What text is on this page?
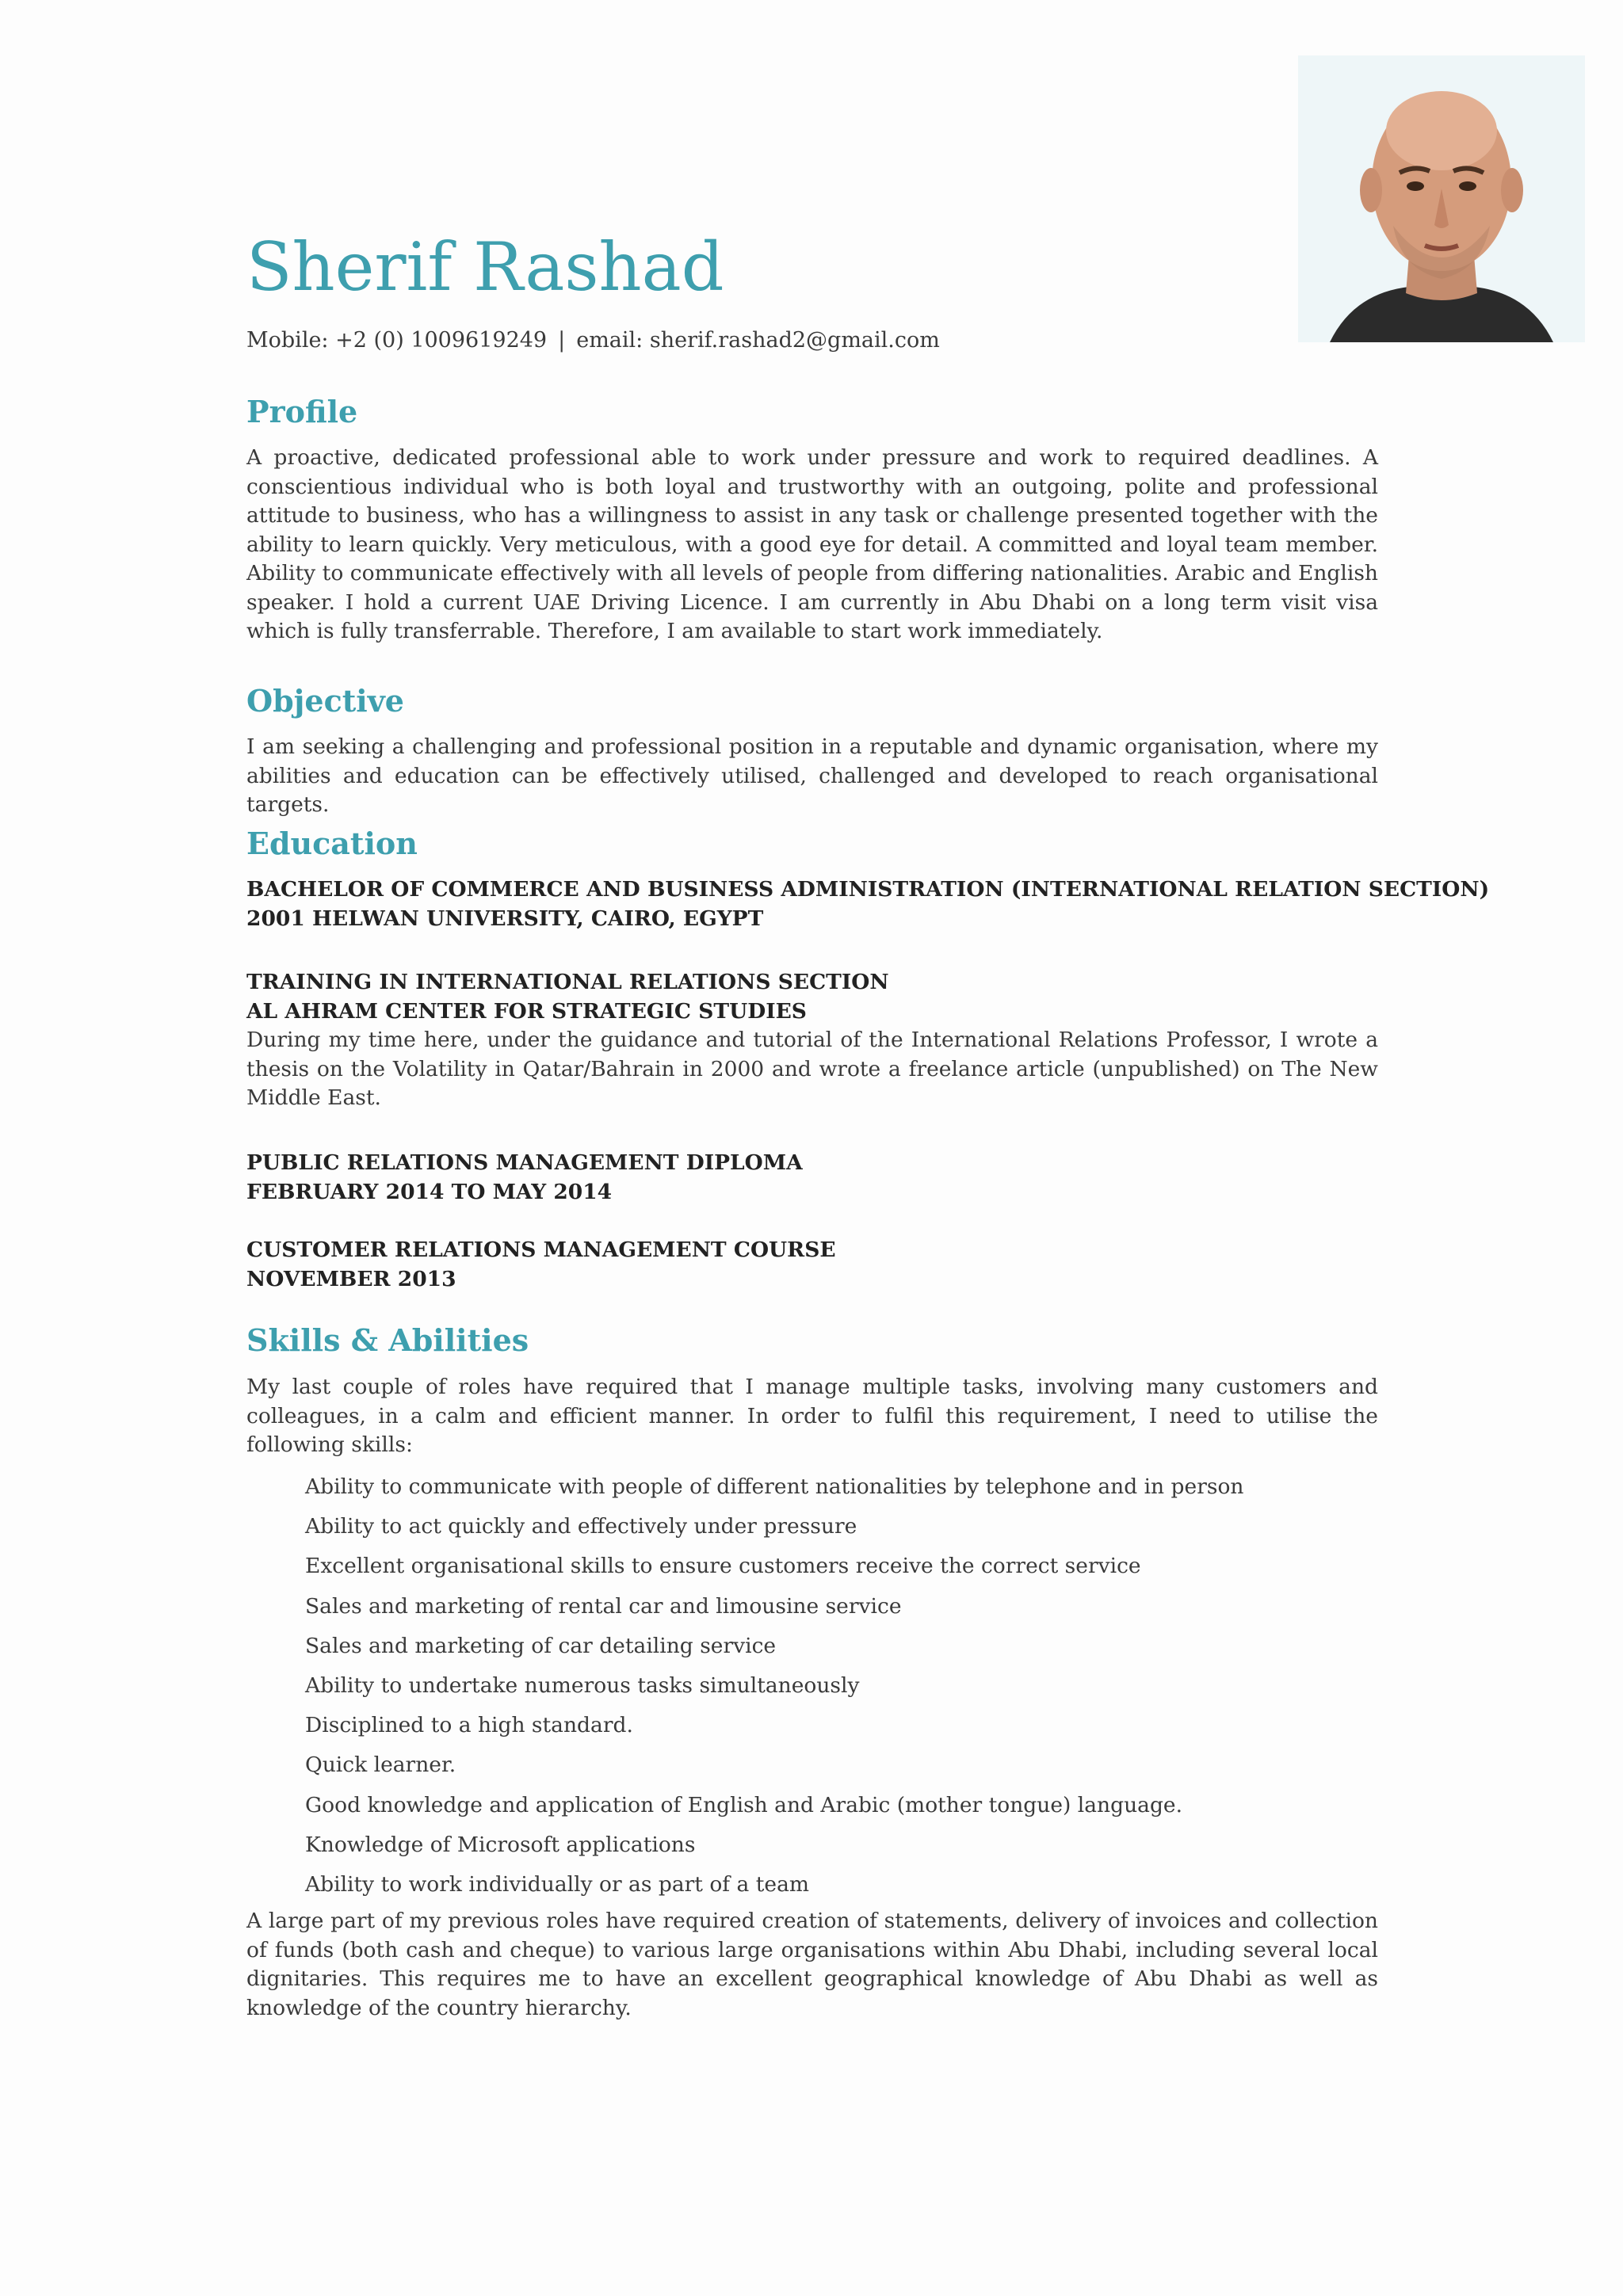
Sherif Rashad
Mobile: +2 (0) 1009619249 | email: sherif.rashad2@gmail.com
Profile

A proactive, dedicated professional able to work under pressure and work to required deadlines. A conscientious individual who is both loyal and trustworthy with an outgoing, polite and professional attitude to business, who has a willingness to assist in any task or challenge presented together with the ability to learn quickly. Very meticulous, with a good eye for detail. A committed and loyal team member. Ability to communicate effectively with all levels of people from differing nationalities. Arabic and English speaker. I hold a current UAE Driving Licence. I am currently in Abu Dhabi on a long term visit visa which is fully transferrable. Therefore, I am available to start work immediately.

Objective

I am seeking a challenging and professional position in a reputable and dynamic organisation, where my abilities and education can be effectively utilised, challenged and developed to reach organisational targets.

Education
BACHELOR OF COMMERCE AND BUSINESS ADMINISTRATION (INTERNATIONAL RELATION SECTION)
2001 HELWAN UNIVERSITY, CAIRO, EGYPT
TRAINING IN INTERNATIONAL RELATIONS SECTION
AL AHRAM CENTER FOR STRATEGIC STUDIES
During my time here, under the guidance and tutorial of the International Relations Professor, I wrote a thesis on the Volatility in Qatar/Bahrain in 2000 and wrote a freelance article (unpublished) on The New Middle East.
PUBLIC RELATIONS MANAGEMENT DIPLOMA
FEBRUARY 2014 TO MAY 2014
CUSTOMER RELATIONS MANAGEMENT COURSE
NOVEMBER 2013
Skills & Abilities

My last couple of roles have required that I manage multiple tasks, involving many customers and colleagues, in a calm and efficient manner. In order to fulfil this requirement, I need to utilise the following skills:

Ability to communicate with people of different nationalities by telephone and in person
Ability to act quickly and effectively under pressure
Excellent organisational skills to ensure customers receive the correct service
Sales and marketing of rental car and limousine service
Sales and marketing of car detailing service
Ability to undertake numerous tasks simultaneously
Disciplined to a high standard.
Quick learner.
Good knowledge and application of English and Arabic (mother tongue) language.
Knowledge of Microsoft applications
Ability to work individually or as part of a team

A large part of my previous roles have required creation of statements, delivery of invoices and collection of funds (both cash and cheque) to various large organisations within Abu Dhabi, including several local dignitaries. This requires me to have an excellent geographical knowledge of Abu Dhabi as well as knowledge of the country hierarchy.
